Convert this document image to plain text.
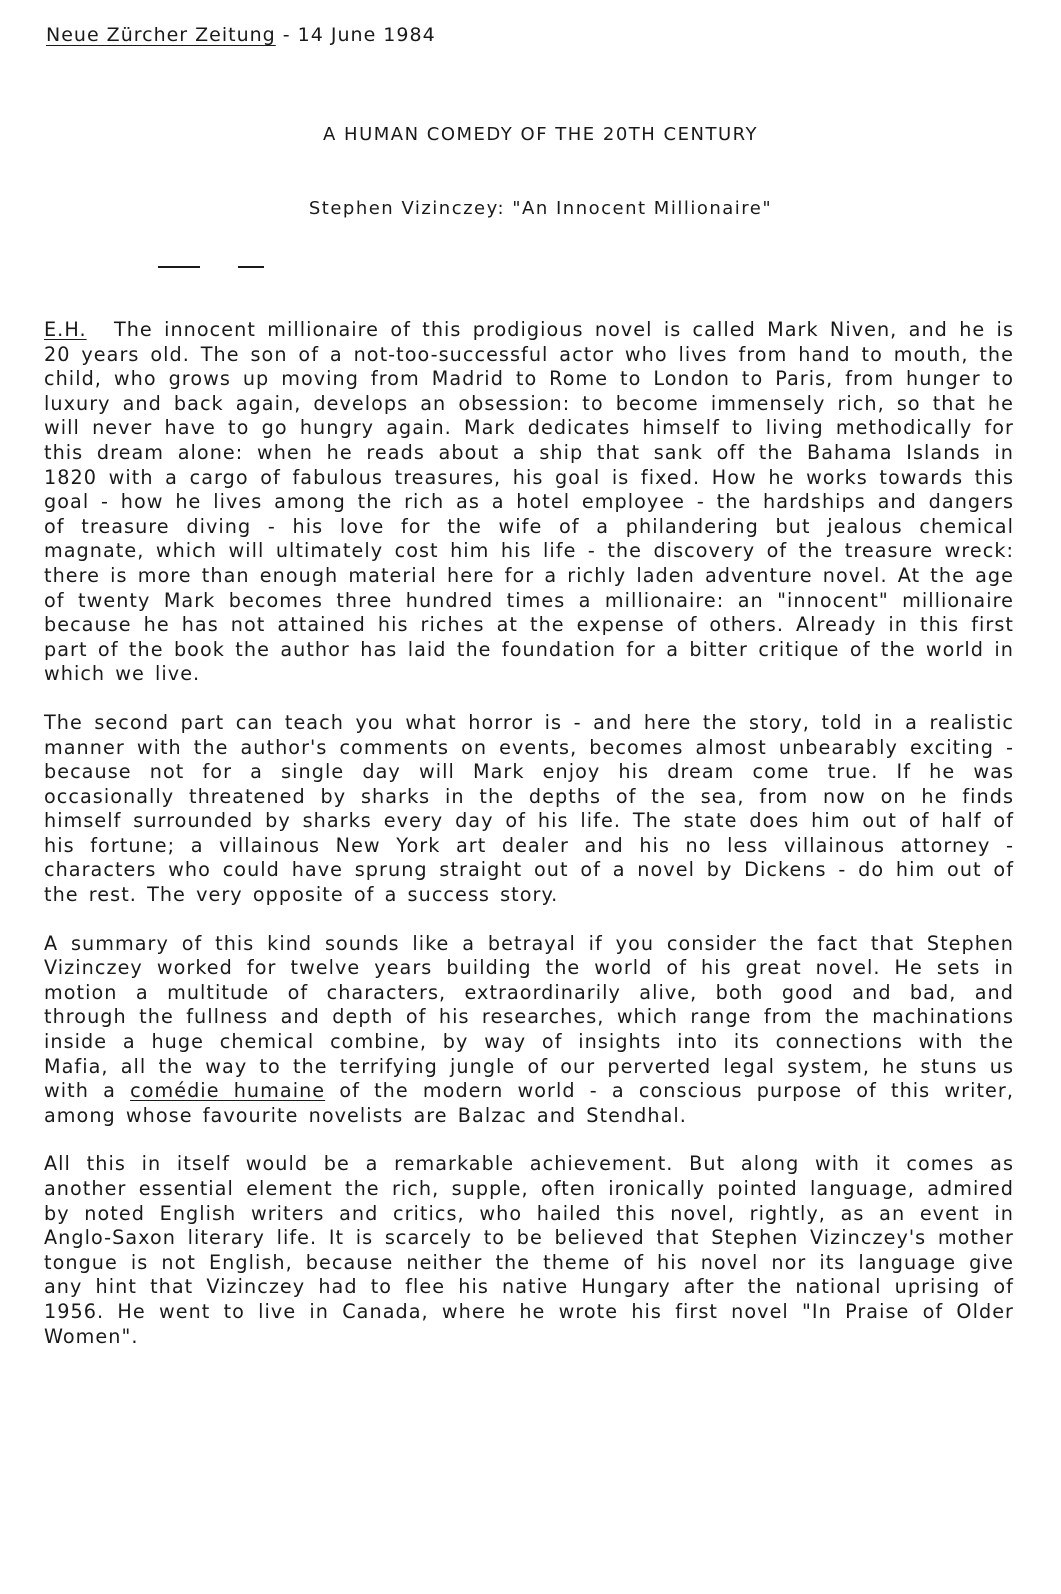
Neue Zürcher Zeitung - 14 June 1984
A HUMAN COMEDY OF THE 20TH CENTURY
Stephen Vizinczey: "An Innocent Millionaire"

E.H. The innocent millionaire of this prodigious novel is called Mark Niven, and he is 20 years old. The son of a not-too-successful actor who lives from hand to mouth, the child, who grows up moving from Madrid to Rome to London to Paris, from hunger to luxury and back again, develops an obsession: to become immensely rich, so that he will never have to go hungry again. Mark dedicates himself to living methodically for this dream alone: when he reads about a ship that sank off the Bahama Islands in 1820 with a cargo of fabulous treasures, his goal is fixed. How he works towards this goal - how he lives among the rich as a hotel employee - the hardships and dangers of treasure diving - his love for the wife of a philandering but jealous chemical magnate, which will ultimately cost him his life - the discovery of the treasure wreck: there is more than enough material here for a richly laden adventure novel. At the age of twenty Mark becomes three hundred times a millionaire: an "innocent" millionaire because he has not attained his riches at the expense of others. Already in this first part of the book the author has laid the foundation for a bitter critique of the world in which we live.

The second part can teach you what horror is - and here the story, told in a realistic manner with the author's comments on events, becomes almost unbearably exciting - because not for a single day will Mark enjoy his dream come true. If he was occasionally threatened by sharks in the depths of the sea, from now on he finds himself surrounded by sharks every day of his life. The state does him out of half of his fortune; a villainous New York art dealer and his no less villainous attorney - characters who could have sprung straight out of a novel by Dickens - do him out of the rest. The very opposite of a success story.

A summary of this kind sounds like a betrayal if you consider the fact that Stephen Vizinczey worked for twelve years building the world of his great novel. He sets in motion a multitude of characters, extraordinarily alive, both good and bad, and through the fullness and depth of his researches, which range from the machinations inside a huge chemical combine, by way of insights into its connections with the Mafia, all the way to the terrifying jungle of our perverted legal system, he stuns us with a comédie humaine of the modern world - a conscious purpose of this writer, among whose favourite novelists are Balzac and Stendhal.

All this in itself would be a remarkable achievement. But along with it comes as another essential element the rich, supple, often ironically pointed language, admired by noted English writers and critics, who hailed this novel, rightly, as an event in Anglo-Saxon literary life. It is scarcely to be believed that Stephen Vizinczey's mother tongue is not English, because neither the theme of his novel nor its language give any hint that Vizinczey had to flee his native Hungary after the national uprising of 1956. He went to live in Canada, where he wrote his first novel "In Praise of Older Women".
